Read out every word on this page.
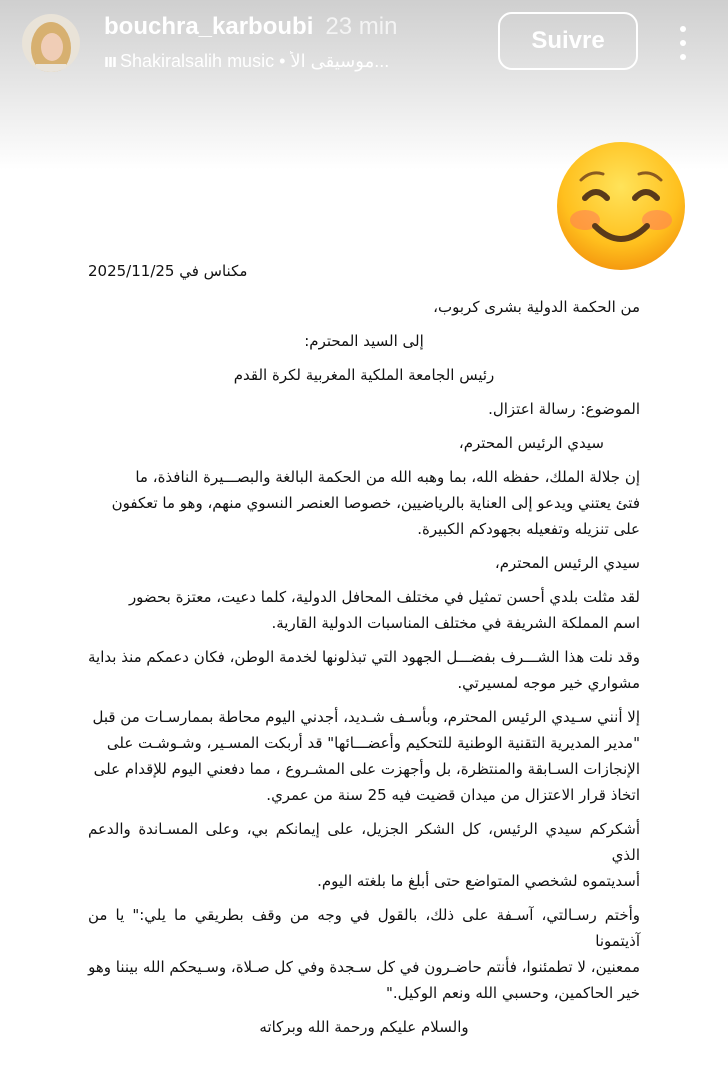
bouchra_karboubi 23 min
ııı Shakiralsalih music • موسيقى الأ...
Suivre
مكناس في 2025/11/25
من الحكمة الدولية بشرى كربوب،
إلى السيد المحترم:
رئيس الجامعة الملكية المغربية لكرة القدم
الموضوع: رسالة اعتزال.
سيدي الرئيس المحترم،
إن جلالة الملك، حفظه الله، بما وهبه الله من الحكمة البالغة والبصـــيرة النافذة، ما
فتئ يعتني ويدعو إلى العناية بالرياضيين، خصوصا العنصر النسوي منهم، وهو ما تعكفون
على تنزيله وتفعيله بجهودكم الكبيرة.
سيدي الرئيس المحترم،
لقد مثلت بلدي أحسن تمثيل في مختلف المحافل الدولية، كلما دعيت، معتزة بحضور
اسم المملكة الشريفة في مختلف المناسبات الدولية القارية.
وقد نلت هذا الشـــرف بفضـــل الجهود التي تبذلونها لخدمة الوطن، فكان دعمكم منذ بداية
مشواري خير موجه لمسيرتي.
إلا أنني سـيدي الرئيس المحترم، وبأسـف شـديد، أجدني اليوم محاطة بممارسـات من قبل
"مدير المديرية التقنية الوطنية للتحكيم وأعضـــائها" قد أربكت المسـير، وشـوشـت على
الإنجازات السـابقة والمنتظرة، بل وأجهزت على المشـروع ، مما دفعني اليوم للإقدام على
اتخاذ قرار الاعتزال من ميدان قضيت فيه 25 سنة من عمري.
أشكركم سيدي الرئيس، كل الشكر الجزيل، على إيمانكم بي، وعلى المسـاندة والدعم الذي
أسديتموه لشخصي المتواضع حتى أبلغ ما بلغته اليوم.
وأختم رسـالتي، آسـفة على ذلك، بالقول في وجه من وقف بطريقي ما يلي:" يا من آذيتمونا
ممعنين، لا تطمئنوا، فأنتم حاضـرون في كل سـجدة وفي كل صـلاة، وسـيحكم الله بيننا وهو
خير الحاكمين، وحسبي الله ونعم الوكيل."
والسلام عليكم ورحمة الله وبركاته
